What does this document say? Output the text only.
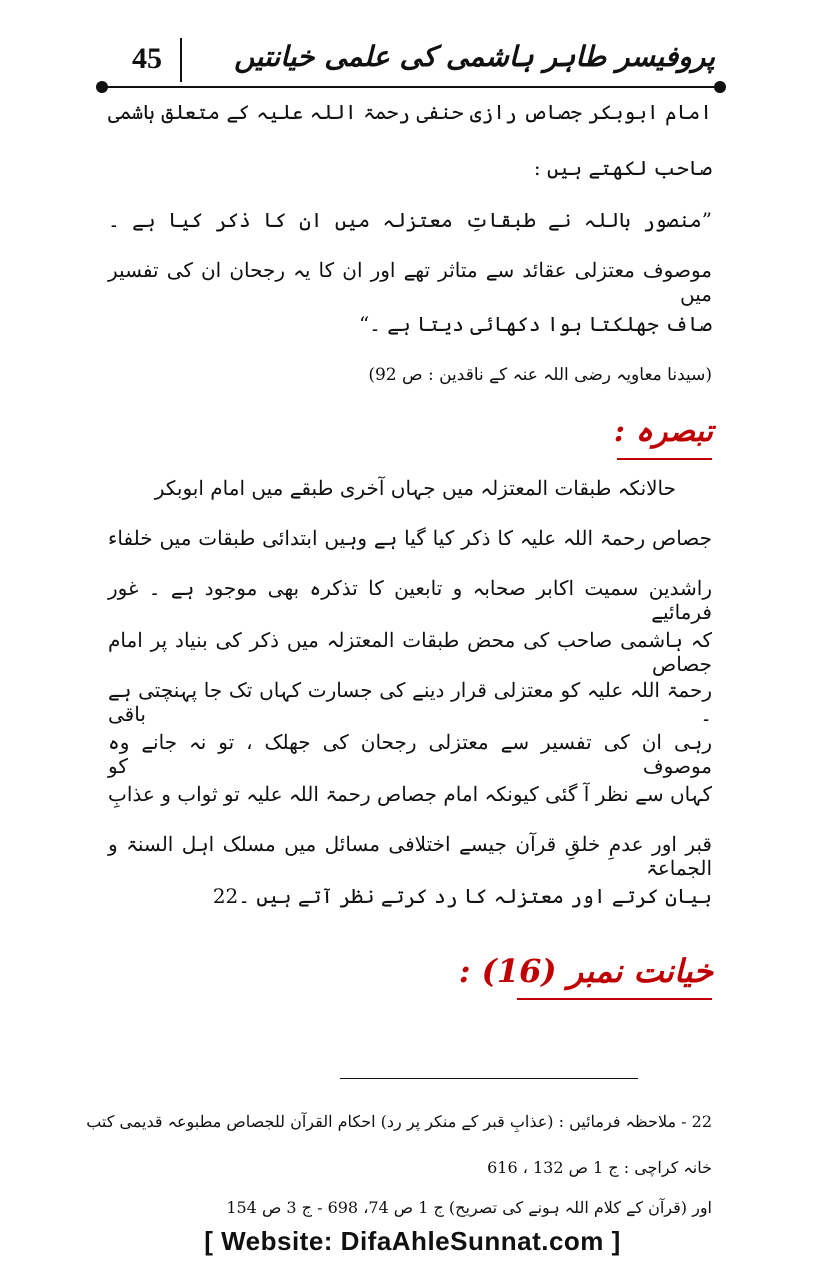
45	پروفیسر طاہر ہاشمی کی علمی خیانتیں
امام ابوبکر جصاص رازی حنفی رحمۃ اللہ علیہ کے متعلق ہاشمی
صاحب لکھتے ہیں :
”منصور باللہ نے طبقاتِ معتزلہ میں ان کا ذکر کیا ہے ۔
موصوف معتزلی عقائد سے متاثر تھے اور ان کا یہ رجحان ان کی تفسیر میں
صاف جھلکتا ہوا دکھائی دیتا ہے ۔“
(سیدنا معاویہ رضی اللہ عنہ کے ناقدین : ص 92)
تبصرہ :
حالانکہ طبقات المعتزلہ میں جہاں آخری طبقے میں امام ابوبکر
جصاص رحمۃ اللہ علیہ کا ذکر کیا گیا ہے وہیں ابتدائی طبقات میں خلفاء
راشدین سمیت اکابر صحابہ و تابعین کا تذکرہ بھی موجود ہے ۔ غور فرمائیے
کہ ہاشمی صاحب کی محض طبقات المعتزلہ میں ذکر کی بنیاد پر امام جصاص
رحمۃ اللہ علیہ کو معتزلی قرار دینے کی جسارت کہاں تک جا پہنچتی ہے ۔ باقی
رہی ان کی تفسیر سے معتزلی رجحان کی جھلک ، تو نہ جانے وہ موصوف کو
کہاں سے نظر آ گئی کیونکہ امام جصاص رحمۃ اللہ علیہ تو ثواب و عذابِ
قبر اور عدمِ خلقِ قرآن جیسے اختلافی مسائل میں مسلک اہل السنۃ و الجماعۃ
بیان کرتے اور معتزلہ کا رد کرتے نظر آتے ہیں ۔22
خیانت نمبر (16) :
22 - ملاحظہ فرمائیں : (عذابِ قبر کے منکر پر رد) احکام القرآن للجصاص مطبوعہ قدیمی کتب
خانہ کراچی : ج 1 ص 132 ، 616
اور (قرآن کے کلام اللہ ہونے کی تصریح) ج 1 ص 74، 698 - ج 3 ص 154
[ Website: DifaAhleSunnat.com ]
